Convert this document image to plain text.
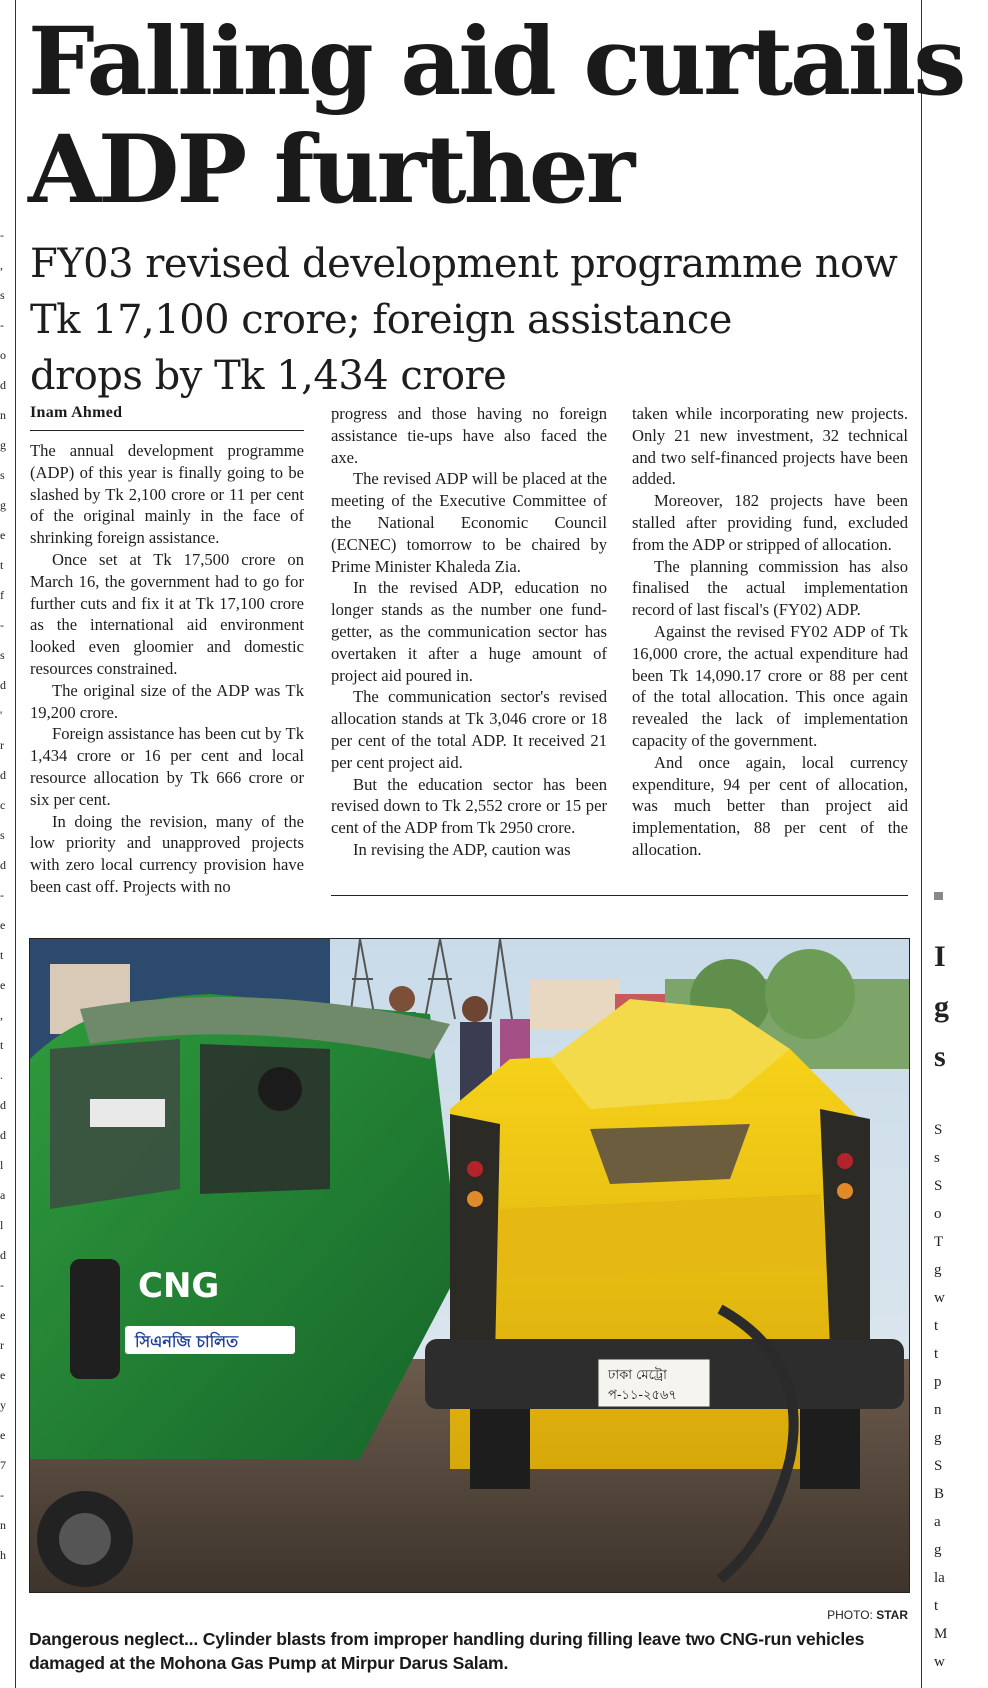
-
,
s
-
o
d
n
g
s
g
e
t
f
-
s
d
'
r
d
c
s
d
-
e
t
e
,
t
.
d
d
l
a
l
d
-
e
r
e
y
e
7
-
n
h
Falling aid curtails
ADP further
FY03 revised development programme now
Tk 17,100 crore; foreign assistance
drops by Tk 1,434 crore
Inam Ahmed

The annual development programme (ADP) of this year is finally going to be slashed by Tk 2,100 crore or 11 per cent of the original mainly in the face of shrinking foreign assistance.

Once set at Tk 17,500 crore on March 16, the government had to go for further cuts and fix it at Tk 17,100 crore as the international aid environment looked even gloomier and domestic resources constrained.

The original size of the ADP was Tk 19,200 crore.

Foreign assistance has been cut by Tk 1,434 crore or 16 per cent and local resource allocation by Tk 666 crore or six per cent.

In doing the revision, many of the low priority and unapproved projects with zero local currency provision have been cast off. Projects with no

progress and those having no foreign assistance tie-ups have also faced the axe.

The revised ADP will be placed at the meeting of the Executive Committee of the National Economic Council (ECNEC) tomorrow to be chaired by Prime Minister Khaleda Zia.

In the revised ADP, education no longer stands as the number one fund-getter, as the communication sector has overtaken it after a huge amount of project aid poured in.

The communication sector's revised allocation stands at Tk 3,046 crore or 18 per cent of the total ADP. It received 21 per cent project aid.

But the education sector has been revised down to Tk 2,552 crore or 15 per cent of the ADP from Tk 2950 crore.

In revising the ADP, caution was

taken while incorporating new projects. Only 21 new investment, 32 technical and two self-financed projects have been added.

Moreover, 182 projects have been stalled after providing fund, excluded from the ADP or stripped of allocation.

The planning commission has also finalised the actual implementation record of last fiscal's (FY02) ADP.

Against the revised FY02 ADP of Tk 16,000 crore, the actual expenditure had been Tk 14,090.17 crore or 88 per cent of the total allocation. This once again revealed the lack of implementation capacity of the government.

And once again, local currency expenditure, 94 per cent of allocation, was much better than project aid implementation, 88 per cent of the allocation.

CNG
সিএনজি চালিত
ঢাকা মেট্রো
প-১১-২৫৬৭
PHOTO: STAR

Dangerous neglect... Cylinder blasts from improper handling during filling leave two CNG-run vehicles damaged at the Mohona Gas Pump at Mirpur Darus Salam.

I
g
s
S
s
S
o
T
g
w
t
t
p
n
g
S
B
a
g
la
t
M
w
